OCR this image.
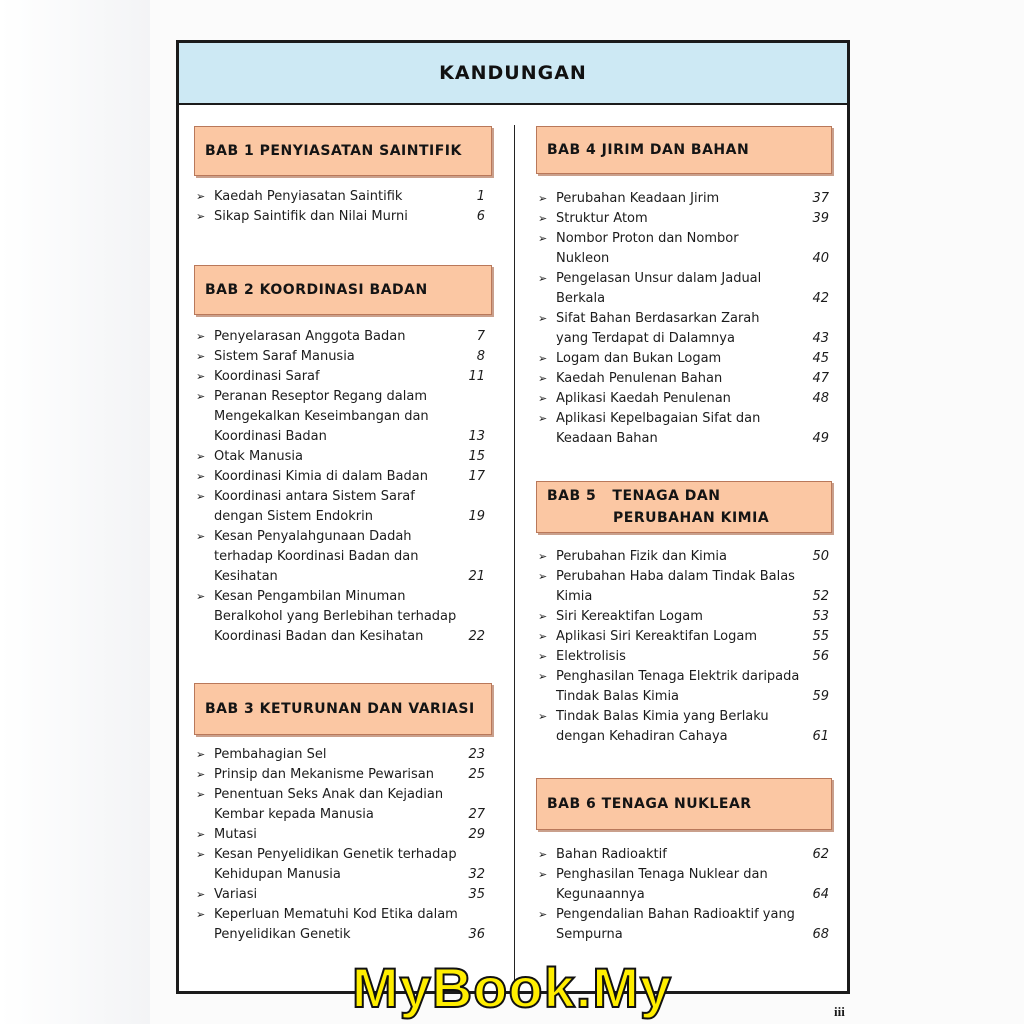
KANDUNGAN
BAB 1 PENYIASATAN SAINTIFIK
➢ Kaedah Penyiasatan Saintifik	1
➢ Sikap Saintifik dan Nilai Murni	6
BAB 2 KOORDINASI BADAN
➢ Penyelarasan Anggota Badan	7
➢ Sistem Saraf Manusia	8
➢ Koordinasi Saraf	11
➢ Peranan Reseptor Regang dalam
Mengekalkan Keseimbangan dan
Koordinasi Badan	13
➢ Otak Manusia	15
➢ Koordinasi Kimia di dalam Badan	17
➢ Koordinasi antara Sistem Saraf
dengan Sistem Endokrin	19
➢ Kesan Penyalahgunaan Dadah
terhadap Koordinasi Badan dan
Kesihatan	21
➢ Kesan Pengambilan Minuman
Beralkohol yang Berlebihan terhadap
Koordinasi Badan dan Kesihatan	22
BAB 3 KETURUNAN DAN VARIASI
➢ Pembahagian Sel	23
➢ Prinsip dan Mekanisme Pewarisan	25
➢ Penentuan Seks Anak dan Kejadian
Kembar kepada Manusia	27
➢ Mutasi	29
➢ Kesan Penyelidikan Genetik terhadap
Kehidupan Manusia	32
➢ Variasi	35
➢ Keperluan Mematuhi Kod Etika dalam
Penyelidikan Genetik	36
BAB 4 JIRIM DAN BAHAN
➢ Perubahan Keadaan Jirim	37
➢ Struktur Atom	39
➢ Nombor Proton dan Nombor
Nukleon	40
➢ Pengelasan Unsur dalam Jadual
Berkala	42
➢ Sifat Bahan Berdasarkan Zarah
yang Terdapat di Dalamnya	43
➢ Logam dan Bukan Logam	45
➢ Kaedah Penulenan Bahan	47
➢ Aplikasi Kaedah Penulenan	48
➢ Aplikasi Kepelbagaian Sifat dan
Keadaan Bahan	49
BAB 5   TENAGA DAN
PERUBAHAN KIMIA
➢ Perubahan Fizik dan Kimia	50
➢ Perubahan Haba dalam Tindak Balas
Kimia	52
➢ Siri Kereaktifan Logam	53
➢ Aplikasi Siri Kereaktifan Logam	55
➢ Elektrolisis	56
➢ Penghasilan Tenaga Elektrik daripada
Tindak Balas Kimia	59
➢ Tindak Balas Kimia yang Berlaku
dengan Kehadiran Cahaya	61
BAB 6 TENAGA NUKLEAR
➢ Bahan Radioaktif	62
➢ Penghasilan Tenaga Nuklear dan
Kegunaannya	64
➢ Pengendalian Bahan Radioaktif yang
Sempurna	68
MyBook.My	iii
